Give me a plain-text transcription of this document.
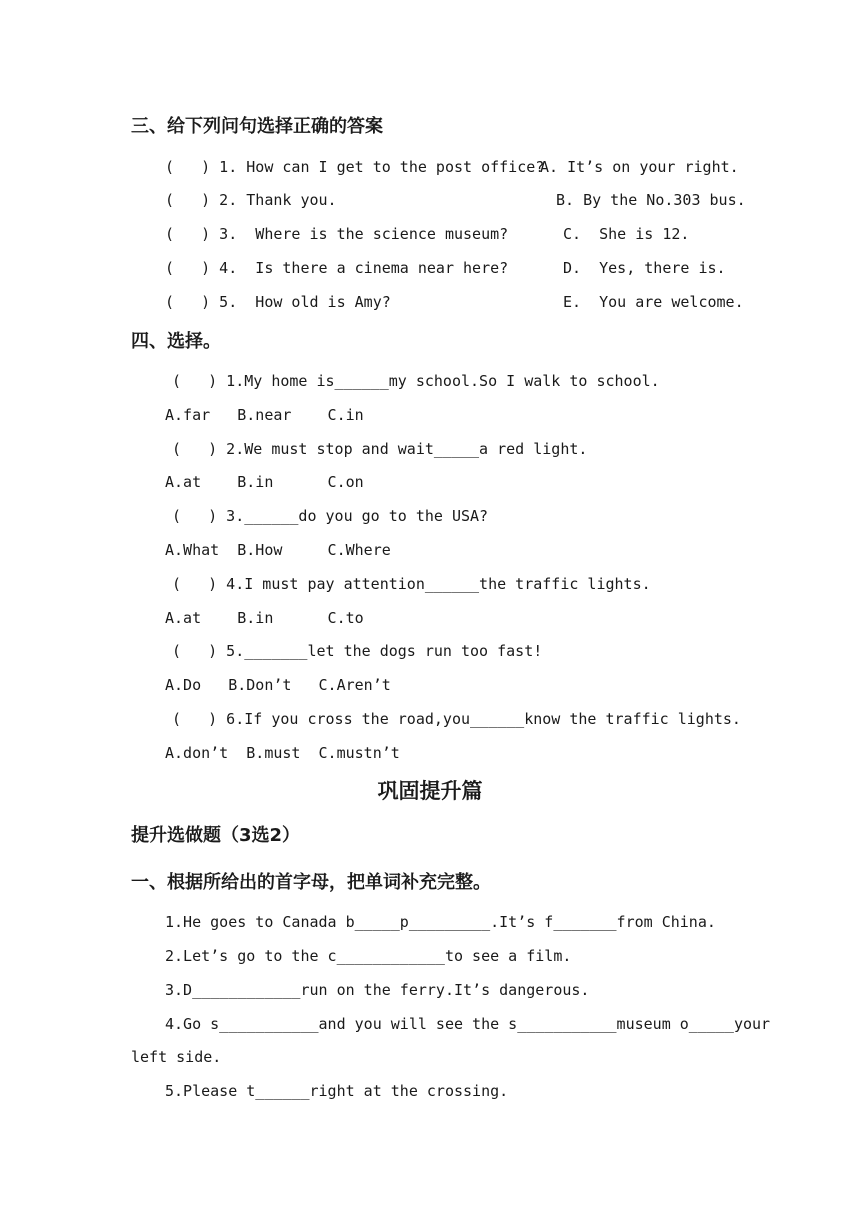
三、给下列问句选择正确的答案
(   ) 1. How can I get to the post office?
A. It’s on your right.
(   ) 2. Thank you.	B. By the No.303 bus.
(   ) 3.  Where is the science museum?	C.  She is 12.
(   ) 4.  Is there a cinema near here?	D.  Yes, there is.
(   ) 5.  How old is Amy?	E.  You are welcome.
四、选择。
(   ) 1.My home is______my school.So I walk to school.
A.far   B.near    C.in
(   ) 2.We must stop and wait_____a red light.
A.at    B.in      C.on
(   ) 3.______do you go to the USA?
A.What  B.How     C.Where
(   ) 4.I must pay attention______the traffic lights.
A.at    B.in      C.to
(   ) 5._______let the dogs run too fast!
A.Do   B.Don’t   C.Aren’t
(   ) 6.If you cross the road,you______know the traffic lights.
A.don’t  B.must  C.mustn’t
巩固提升篇
提升选做题（3选2）
一、根据所给出的首字母，把单词补充完整。
1.He goes to Canada b_____p_________.It’s f_______from China.
2.Let’s go to the c____________to see a film.
3.D____________run on the ferry.It’s dangerous.
4.Go s___________and you will see the s___________museum o_____your
left side.
5.Please t______right at the crossing.
